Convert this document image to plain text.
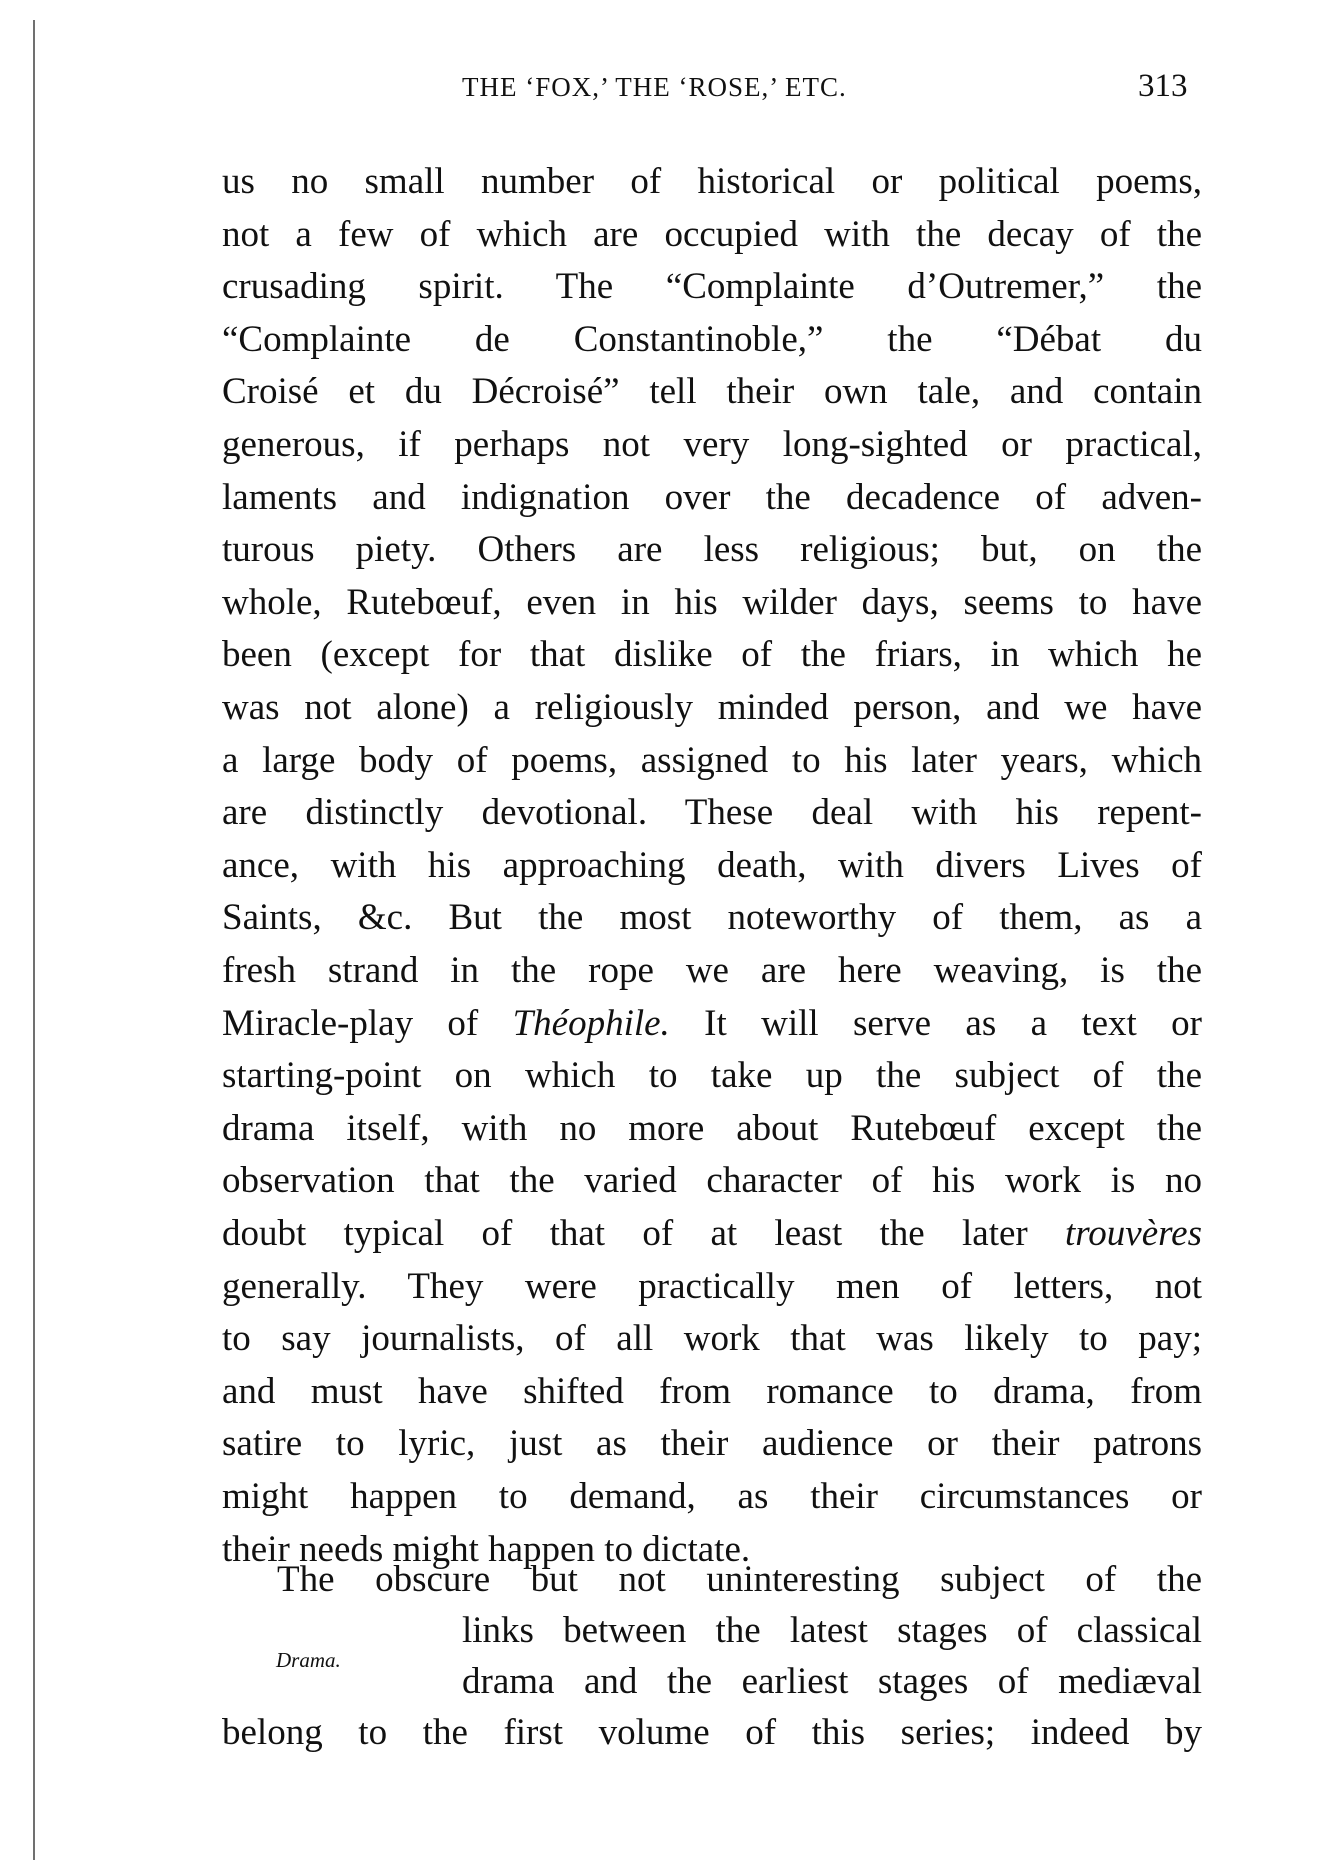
THE ‘FOX,’ THE ‘ROSE,’ ETC.	313
Drama.
us no small number of historical or political poems,
not a few of which are occupied with the decay of the
crusading spirit. The “Complainte d’Outremer,” the
“Complainte de Constantinoble,” the “Débat du
Croisé et du Décroisé” tell their own tale, and contain
generous, if perhaps not very long-sighted or practical,
laments and indignation over the decadence of adven-
turous piety. Others are less religious; but, on the
whole, Rutebœuf, even in his wilder days, seems to have
been (except for that dislike of the friars, in which he
was not alone) a religiously minded person, and we have
a large body of poems, assigned to his later years, which
are distinctly devotional. These deal with his repent-
ance, with his approaching death, with divers Lives of
Saints, &c. But the most noteworthy of them, as a
fresh strand in the rope we are here weaving, is the
Miracle-play of Théophile. It will serve as a text or
starting-point on which to take up the subject of the
drama itself, with no more about Rutebœuf except the
observation that the varied character of his work is no
doubt typical of that of at least the later trouvères
generally. They were practically men of letters, not
to say journalists, of all work that was likely to pay;
and must have shifted from romance to drama, from
satire to lyric, just as their audience or their patrons
might happen to demand, as their circumstances or
their needs might happen to dictate.
The obscure but not uninteresting subject of the
links between the latest stages of classical
drama and the earliest stages of mediæval
belong to the first volume of this series; indeed by
